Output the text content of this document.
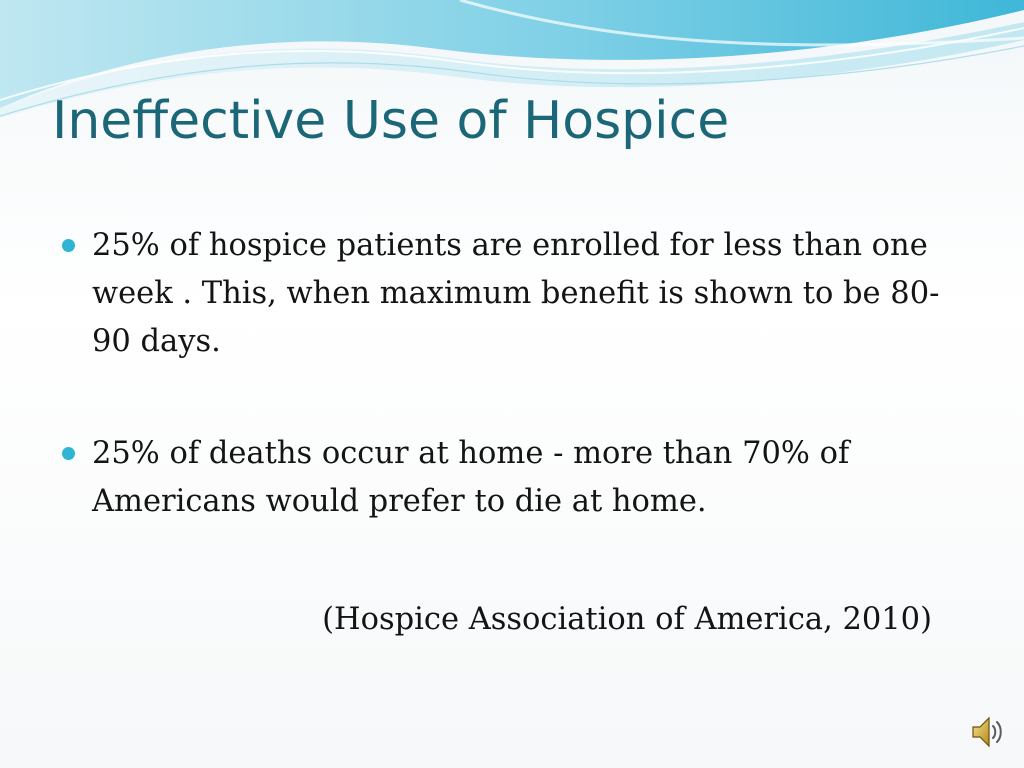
Ineffective Use of Hospice
25% of hospice patients are enrolled for less than one week . This, when maximum benefit is shown to be 80-90 days.
25% of deaths occur at home - more than 70% of Americans would prefer to die at home.

(Hospice Association of America, 2010)
